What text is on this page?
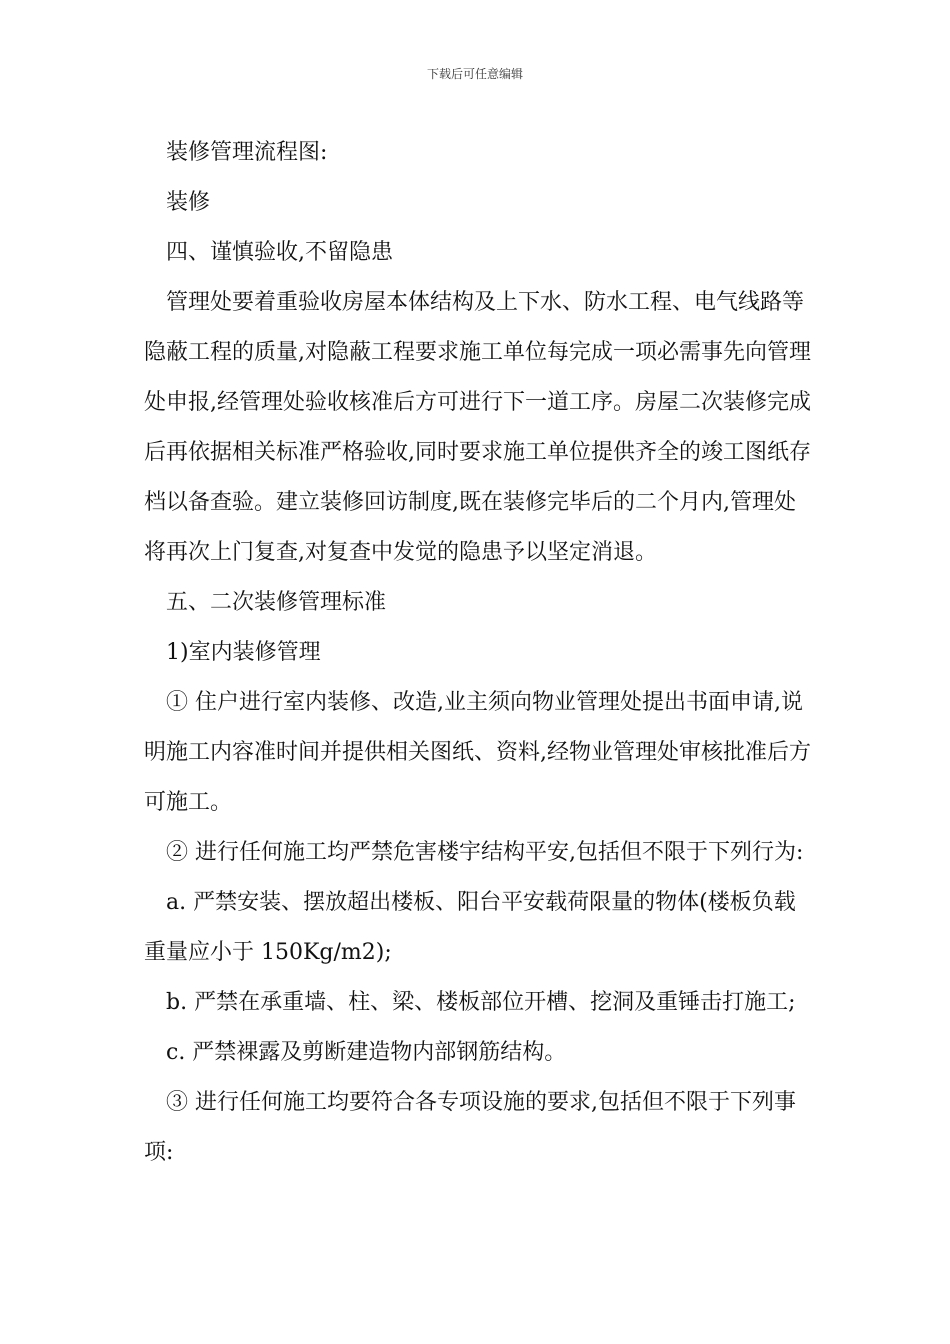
下载后可任意编辑

装修管理流程图:

装修

四、谨慎验收,不留隐患

管理处要着重验收房屋本体结构及上下水、防水工程、电气线路等隐蔽工程的质量,对隐蔽工程要求施工单位每完成一项必需事先向管理处申报,经管理处验收核准后方可进行下一道工序。房屋二次装修完成后再依据相关标准严格验收,同时要求施工单位提供齐全的竣工图纸存档以备查验。建立装修回访制度,既在装修完毕后的二个月内,管理处将再次上门复查,对复查中发觉的隐患予以坚定消退。

五、二次装修管理标准

1)室内装修管理

① 住户进行室内装修、改造,业主须向物业管理处提出书面申请,说明施工内容准时间并提供相关图纸、资料,经物业管理处审核批准后方可施工。

② 进行任何施工均严禁危害楼宇结构平安,包括但不限于下列行为:

a. 严禁安装、摆放超出楼板、阳台平安载荷限量的物体(楼板负载重量应小于 150Kg/m2);

b. 严禁在承重墙、柱、梁、楼板部位开槽、挖洞及重锤击打施工;

c. 严禁裸露及剪断建造物内部钢筋结构。

③ 进行任何施工均要符合各专项设施的要求,包括但不限于下列事项:
